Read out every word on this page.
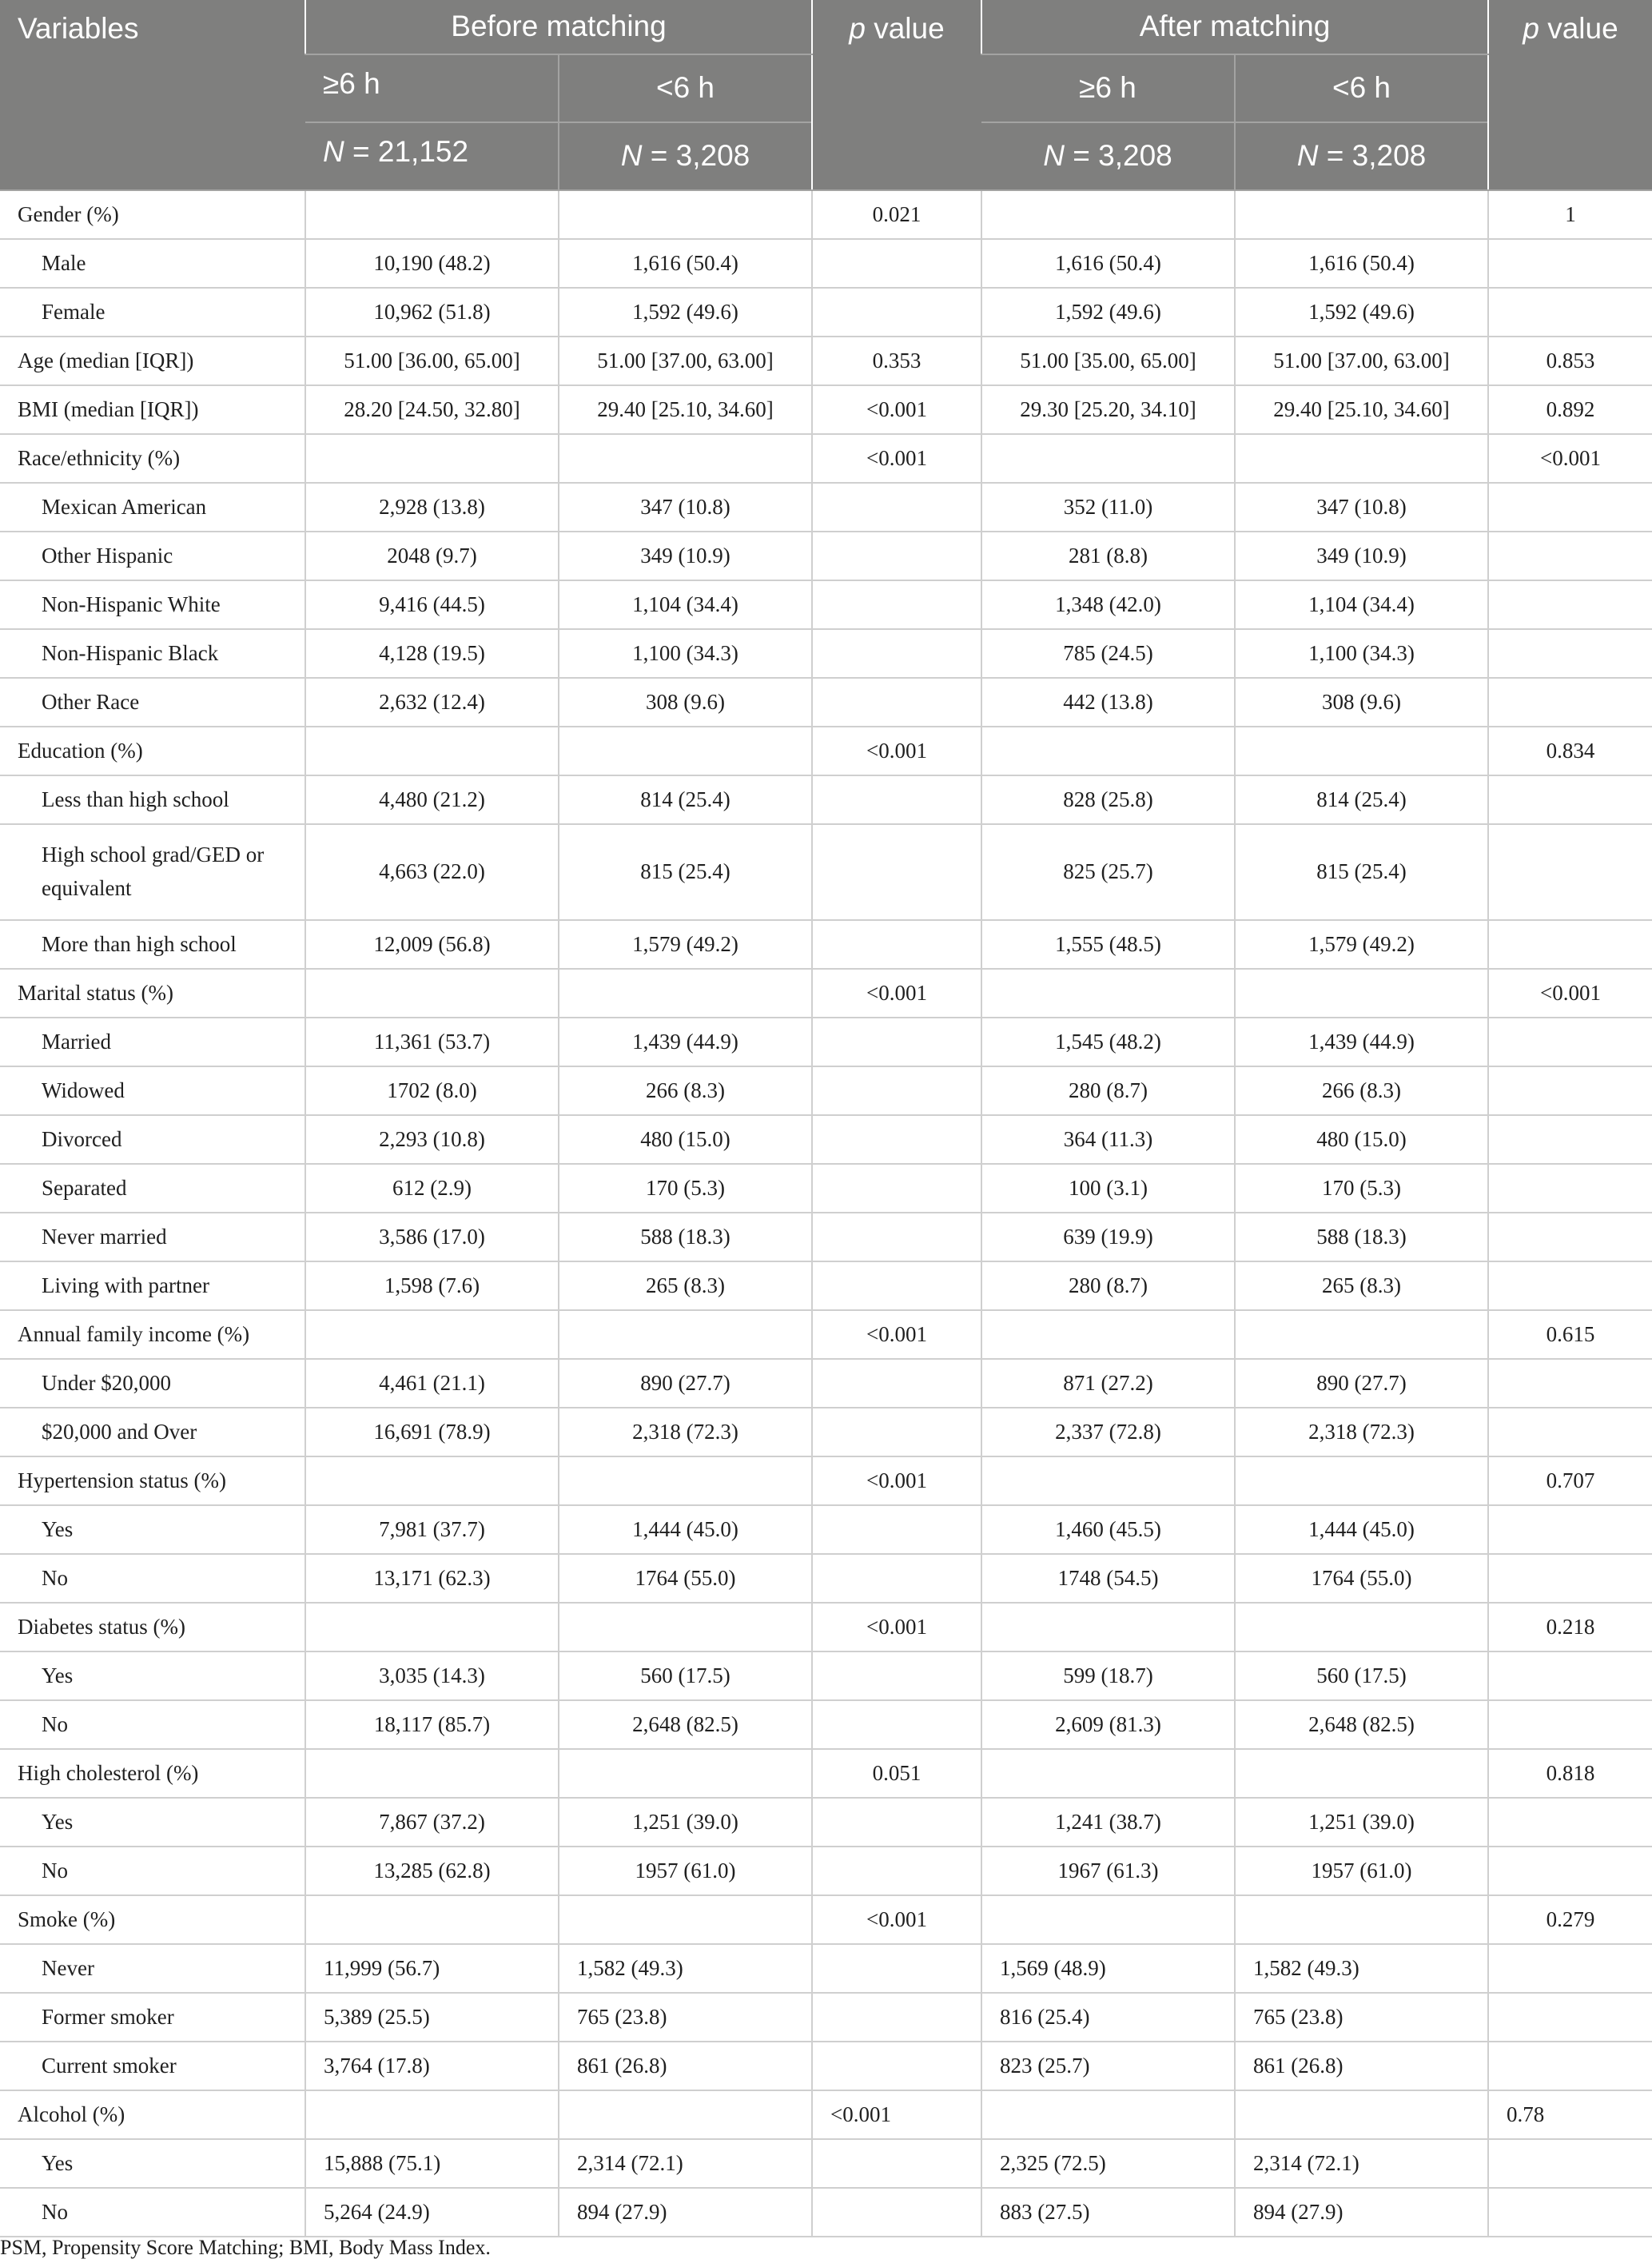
Variables	Before matching		p value	After matching		p value
	≥6 h	<6 h		≥6 h	<6 h	
	N = 21,152	N = 3,208		N = 3,208	N = 3,208	
Gender (%)			0.021			1
Male	10,190 (48.2)	1,616 (50.4)		1,616 (50.4)	1,616 (50.4)	
Female	10,962 (51.8)	1,592 (49.6)		1,592 (49.6)	1,592 (49.6)	
Age (median [IQR])	51.00 [36.00, 65.00]	51.00 [37.00, 63.00]	0.353	51.00 [35.00, 65.00]	51.00 [37.00, 63.00]	0.853
BMI (median [IQR])	28.20 [24.50, 32.80]	29.40 [25.10, 34.60]	<0.001	29.30 [25.20, 34.10]	29.40 [25.10, 34.60]	0.892
Race/ethnicity (%)			<0.001			<0.001
Mexican American	2,928 (13.8)	347 (10.8)		352 (11.0)	347 (10.8)	
Other Hispanic	2048 (9.7)	349 (10.9)		281 (8.8)	349 (10.9)	
Non-Hispanic White	9,416 (44.5)	1,104 (34.4)		1,348 (42.0)	1,104 (34.4)	
Non-Hispanic Black	4,128 (19.5)	1,100 (34.3)		785 (24.5)	1,100 (34.3)	
Other Race	2,632 (12.4)	308 (9.6)		442 (13.8)	308 (9.6)	
Education (%)			<0.001			0.834
Less than high school	4,480 (21.2)	814 (25.4)		828 (25.8)	814 (25.4)	
High school grad/GED or equivalent	4,663 (22.0)	815 (25.4)		825 (25.7)	815 (25.4)	
More than high school	12,009 (56.8)	1,579 (49.2)		1,555 (48.5)	1,579 (49.2)	
Marital status (%)			<0.001			<0.001
Married	11,361 (53.7)	1,439 (44.9)		1,545 (48.2)	1,439 (44.9)	
Widowed	1702 (8.0)	266 (8.3)		280 (8.7)	266 (8.3)	
Divorced	2,293 (10.8)	480 (15.0)		364 (11.3)	480 (15.0)	
Separated	612 (2.9)	170 (5.3)		100 (3.1)	170 (5.3)	
Never married	3,586 (17.0)	588 (18.3)		639 (19.9)	588 (18.3)	
Living with partner	1,598 (7.6)	265 (8.3)		280 (8.7)	265 (8.3)	
Annual family income (%)			<0.001			0.615
Under $20,000	4,461 (21.1)	890 (27.7)		871 (27.2)	890 (27.7)	
$20,000 and Over	16,691 (78.9)	2,318 (72.3)		2,337 (72.8)	2,318 (72.3)	
Hypertension status (%)			<0.001			0.707
Yes	7,981 (37.7)	1,444 (45.0)		1,460 (45.5)	1,444 (45.0)	
No	13,171 (62.3)	1764 (55.0)		1748 (54.5)	1764 (55.0)	
Diabetes status (%)			<0.001			0.218
Yes	3,035 (14.3)	560 (17.5)		599 (18.7)	560 (17.5)	
No	18,117 (85.7)	2,648 (82.5)		2,609 (81.3)	2,648 (82.5)	
High cholesterol (%)			0.051			0.818
Yes	7,867 (37.2)	1,251 (39.0)		1,241 (38.7)	1,251 (39.0)	
No	13,285 (62.8)	1957 (61.0)		1967 (61.3)	1957 (61.0)	
Smoke (%)			<0.001			0.279
Never	11,999 (56.7)	1,582 (49.3)		1,569 (48.9)	1,582 (49.3)	
Former smoker	5,389 (25.5)	765 (23.8)		816 (25.4)	765 (23.8)	
Current smoker	3,764 (17.8)	861 (26.8)		823 (25.7)	861 (26.8)	
Alcohol (%)			<0.001			0.78
Yes	15,888 (75.1)	2,314 (72.1)		2,325 (72.5)	2,314 (72.1)	
No	5,264 (24.9)	894 (27.9)		883 (27.5)	894 (27.9)	
PSM, Propensity Score Matching; BMI, Body Mass Index.
